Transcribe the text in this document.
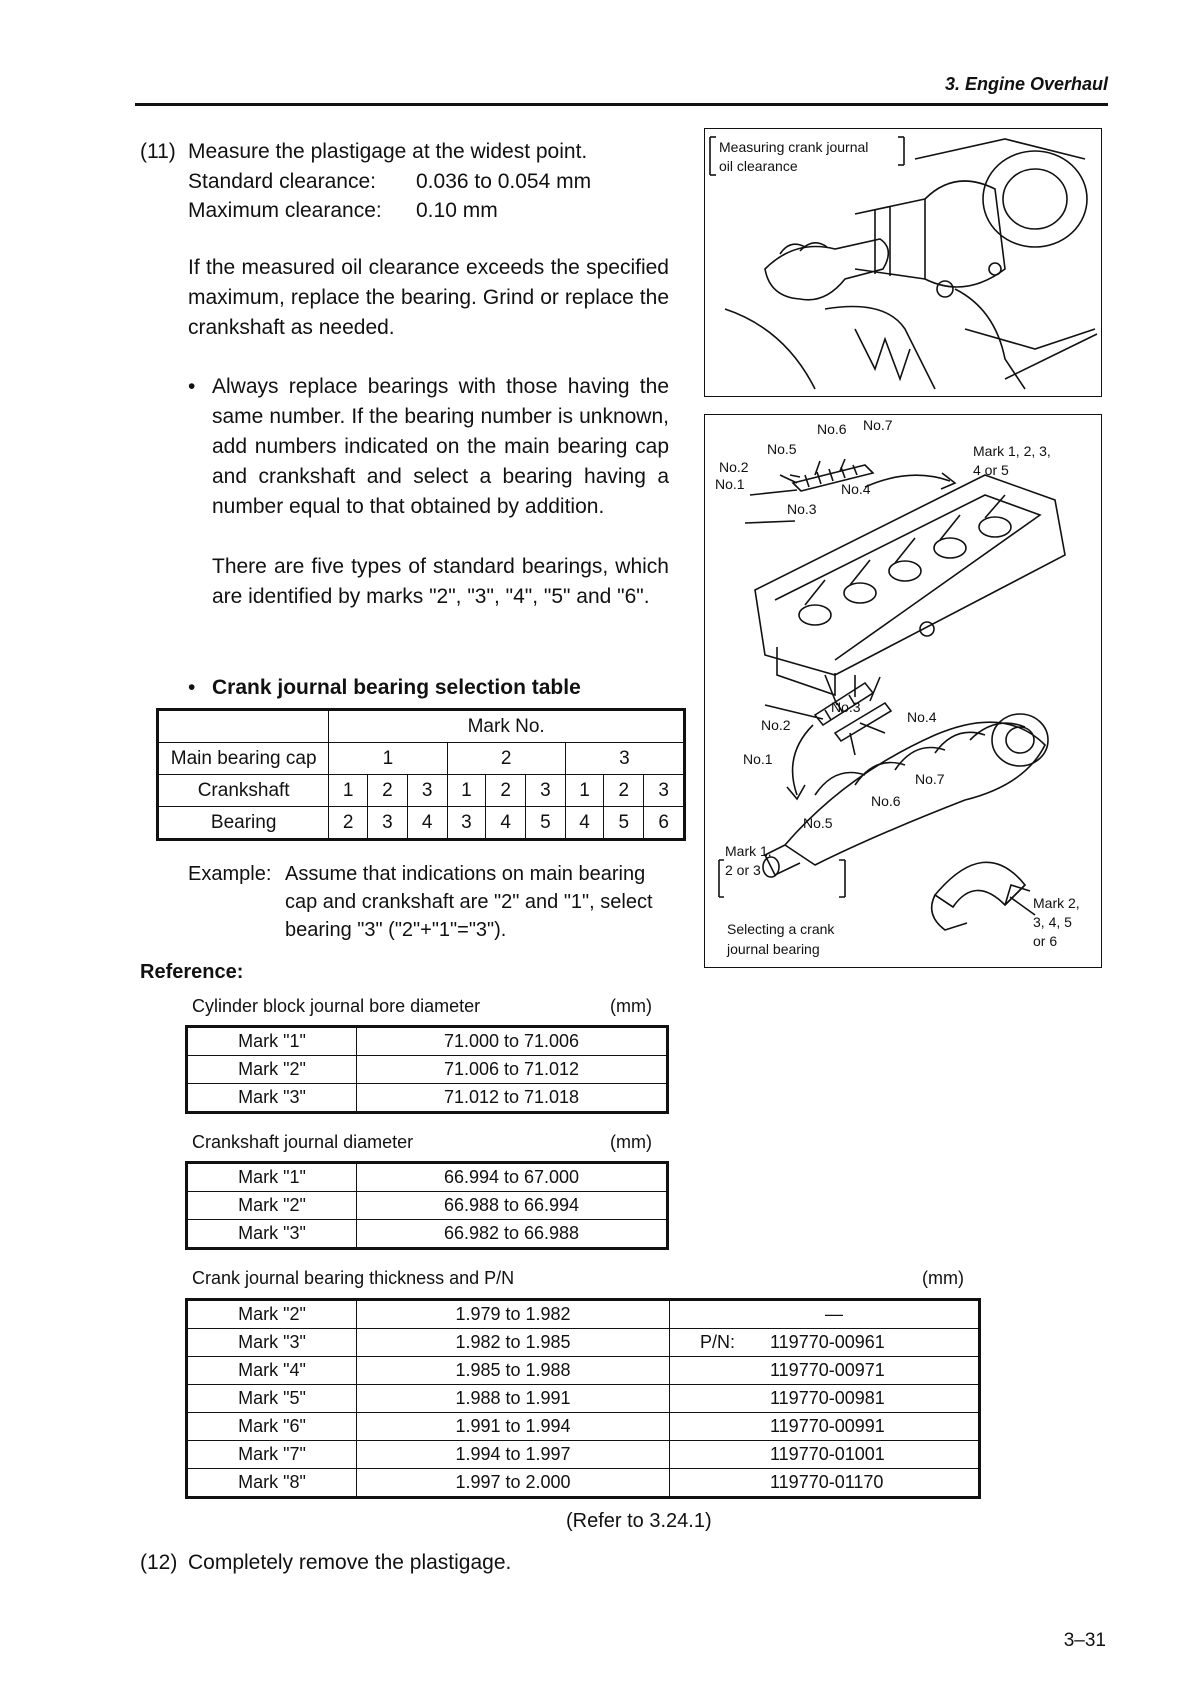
3. Engine Overhaul
(11) Measure the plastigage at the widest point.
Standard clearance: 0.036 to 0.054 mm
Maximum clearance: 0.10 mm
If the measured oil clearance exceeds the specified maximum, replace the bearing. Grind or replace the crankshaft as needed.
• Always replace bearings with those having the same number. If the bearing number is unknown, add numbers indicated on the main bearing cap and crankshaft and select a bearing having a number equal to that obtained by addition.
There are five types of standard bearings, which are identified by marks "2", "3", "4", "5" and "6".
• Crank journal bearing selection table
	Mark No.								
Main bearing cap	1			2			3		
Crankshaft	1	2	3	1	2	3	1	2	3
Bearing	2	3	4	3	4	5	4	5	6
Example: Assume that indications on main bearing
cap and crankshaft are "2" and "1", select
bearing "3" ("2"+"1"="3").
Reference:
Cylinder block journal bore diameter	(mm)
Mark "1"	71.000 to 71.006
Mark "2"	71.006 to 71.012
Mark "3"	71.012 to 71.018
Crankshaft journal diameter	(mm)
Mark "1"	66.994 to 67.000
Mark "2"	66.988 to 66.994
Mark "3"	66.982 to 66.988
Crank journal bearing thickness and P/N	(mm)
Mark "2"	1.979 to 1.982	—
Mark "3"	1.982 to 1.985	P/N: 119770-00961
Mark "4"	1.985 to 1.988	119770-00971
Mark "5"	1.988 to 1.991	119770-00981
Mark "6"	1.991 to 1.994	119770-00991
Mark "7"	1.994 to 1.997	119770-01001
Mark "8"	1.997 to 2.000	119770-01170
(Refer to 3.24.1)
(12) Completely remove the plastigage.
Measuring crank journal
oil clearance
No.6 No.7
No.5
No.2
No.1	No.4
No.3
Mark 1, 2, 3,
4 or 5
No.3
No.2	No.4
No.1
No.7
No.6
No.5
Mark 1,
2 or 3
Selecting a crank
journal bearing
Mark 2,
3, 4, 5
or 6
3–31
